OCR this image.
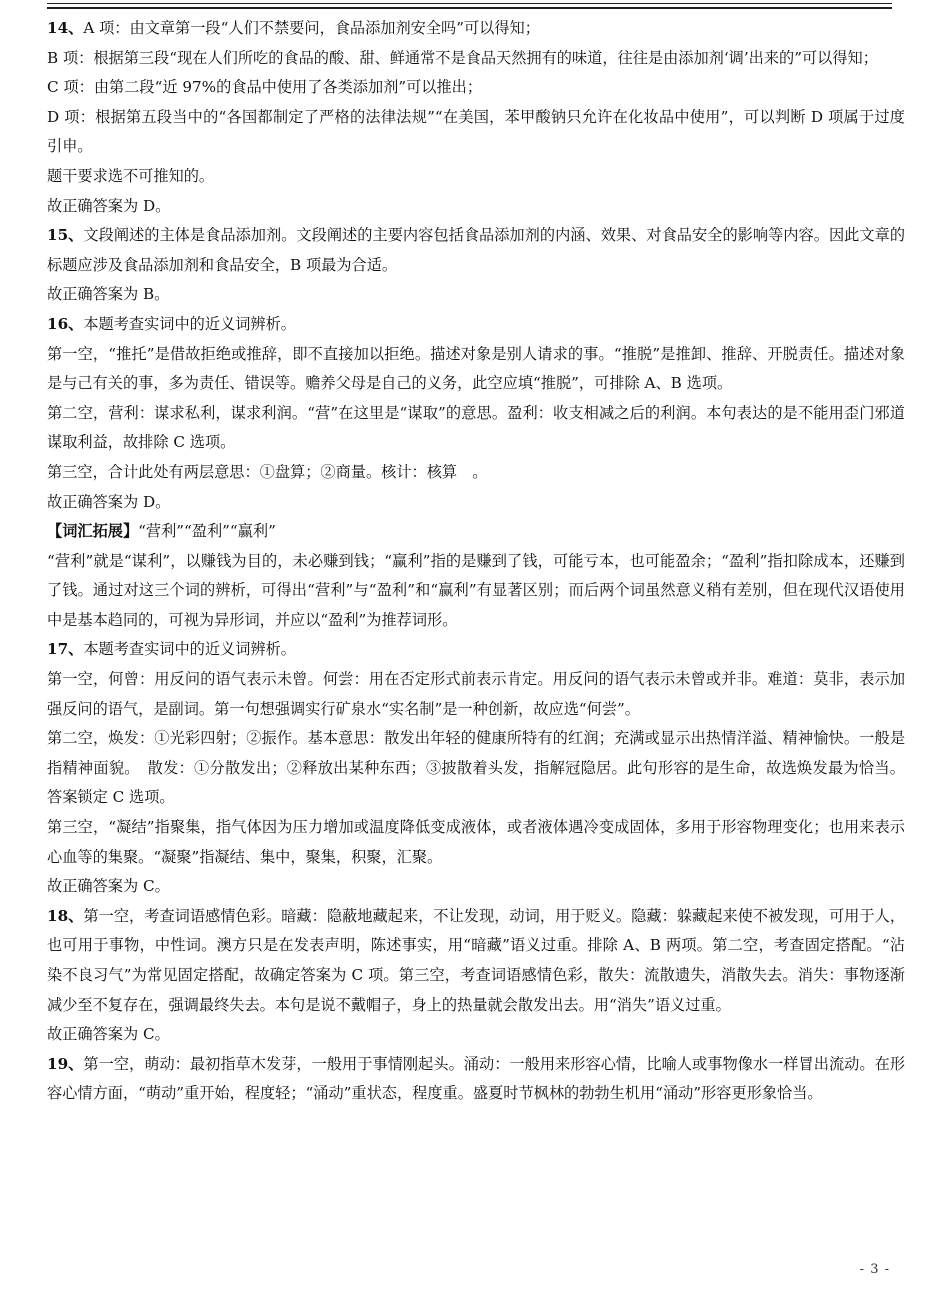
14、A 项：由文章第一段“人们不禁要问，食品添加剂安全吗”可以得知；

B 项：根据第三段“现在人们所吃的食品的酸、甜、鲜通常不是食品天然拥有的味道，往往是由添加剂‘调’出来的”可以得知；

C 项：由第二段“近 97%的食品中使用了各类添加剂”可以推出；

D 项：根据第五段当中的“各国都制定了严格的法律法规”“在美国，苯甲酸钠只允许在化妆品中使用”，可以判断 D 项属于过度引申。

题干要求选不可推知的。

故正确答案为 D。

15、文段阐述的主体是食品添加剂。文段阐述的主要内容包括食品添加剂的内涵、效果、对食品安全的影响等内容。因此文章的标题应涉及食品添加剂和食品安全，B 项最为合适。

故正确答案为 B。

16、本题考查实词中的近义词辨析。

第一空，“推托”是借故拒绝或推辞，即不直接加以拒绝。描述对象是别人请求的事。“推脱”是推卸、推辞、开脱责任。描述对象是与己有关的事，多为责任、错误等。赡养父母是自己的义务，此空应填“推脱”，可排除 A、B 选项。

第二空，营利：谋求私利，谋求利润。“营”在这里是“谋取”的意思。盈利：收支相减之后的利润。本句表达的是不能用歪门邪道谋取利益，故排除 C 选项。

第三空，合计此处有两层意思：①盘算；②商量。核计：核算　。

故正确答案为 D。

【词汇拓展】“营利”“盈利”“赢利”

“营利”就是“谋利”，以赚钱为目的，未必赚到钱；“赢利”指的是赚到了钱，可能亏本，也可能盈余；“盈利”指扣除成本，还赚到了钱。通过对这三个词的辨析，可得出“营利”与“盈利”和“赢利”有显著区别；而后两个词虽然意义稍有差别，但在现代汉语使用中是基本趋同的，可视为异形词，并应以“盈利”为推荐词形。

17、本题考查实词中的近义词辨析。

第一空，何曾：用反问的语气表示未曾。何尝：用在否定形式前表示肯定。用反问的语气表示未曾或并非。难道：莫非，表示加强反问的语气，是副词。第一句想强调实行矿泉水“实名制”是一种创新，故应选“何尝”。

第二空，焕发：①光彩四射；②振作。基本意思：散发出年轻的健康所特有的红润；充满或显示出热情洋溢、精神愉快。一般是指精神面貌。　散发：①分散发出；②释放出某种东西；③披散着头发，指解冠隐居。此句形容的是生命，故选焕发最为恰当。答案锁定 C 选项。

第三空，“凝结”指聚集，指气体因为压力增加或温度降低变成液体，或者液体遇冷变成固体，多用于形容物理变化；也用来表示心血等的集聚。“凝聚”指凝结、集中，聚集，积聚，汇聚。

故正确答案为 C。

18、第一空，考查词语感情色彩。暗藏：隐蔽地藏起来，不让发现，动词，用于贬义。隐藏：躲藏起来使不被发现，可用于人，也可用于事物，中性词。澳方只是在发表声明，陈述事实，用“暗藏”语义过重。排除 A、B 两项。第二空，考查固定搭配。“沾染不良习气”为常见固定搭配，故确定答案为 C 项。第三空，考查词语感情色彩，散失：流散遗失，消散失去。消失：事物逐渐减少至不复存在，强调最终失去。本句是说不戴帽子，身上的热量就会散发出去。用“消失”语义过重。

故正确答案为 C。

19、第一空，萌动：最初指草木发芽，一般用于事情刚起头。涌动：一般用来形容心情，比喻人或事物像水一样冒出流动。在形容心情方面，“萌动”重开始，程度轻；“涌动”重状态，程度重。盛夏时节枫林的勃勃生机用“涌动”形容更形象恰当。

- 3 -
